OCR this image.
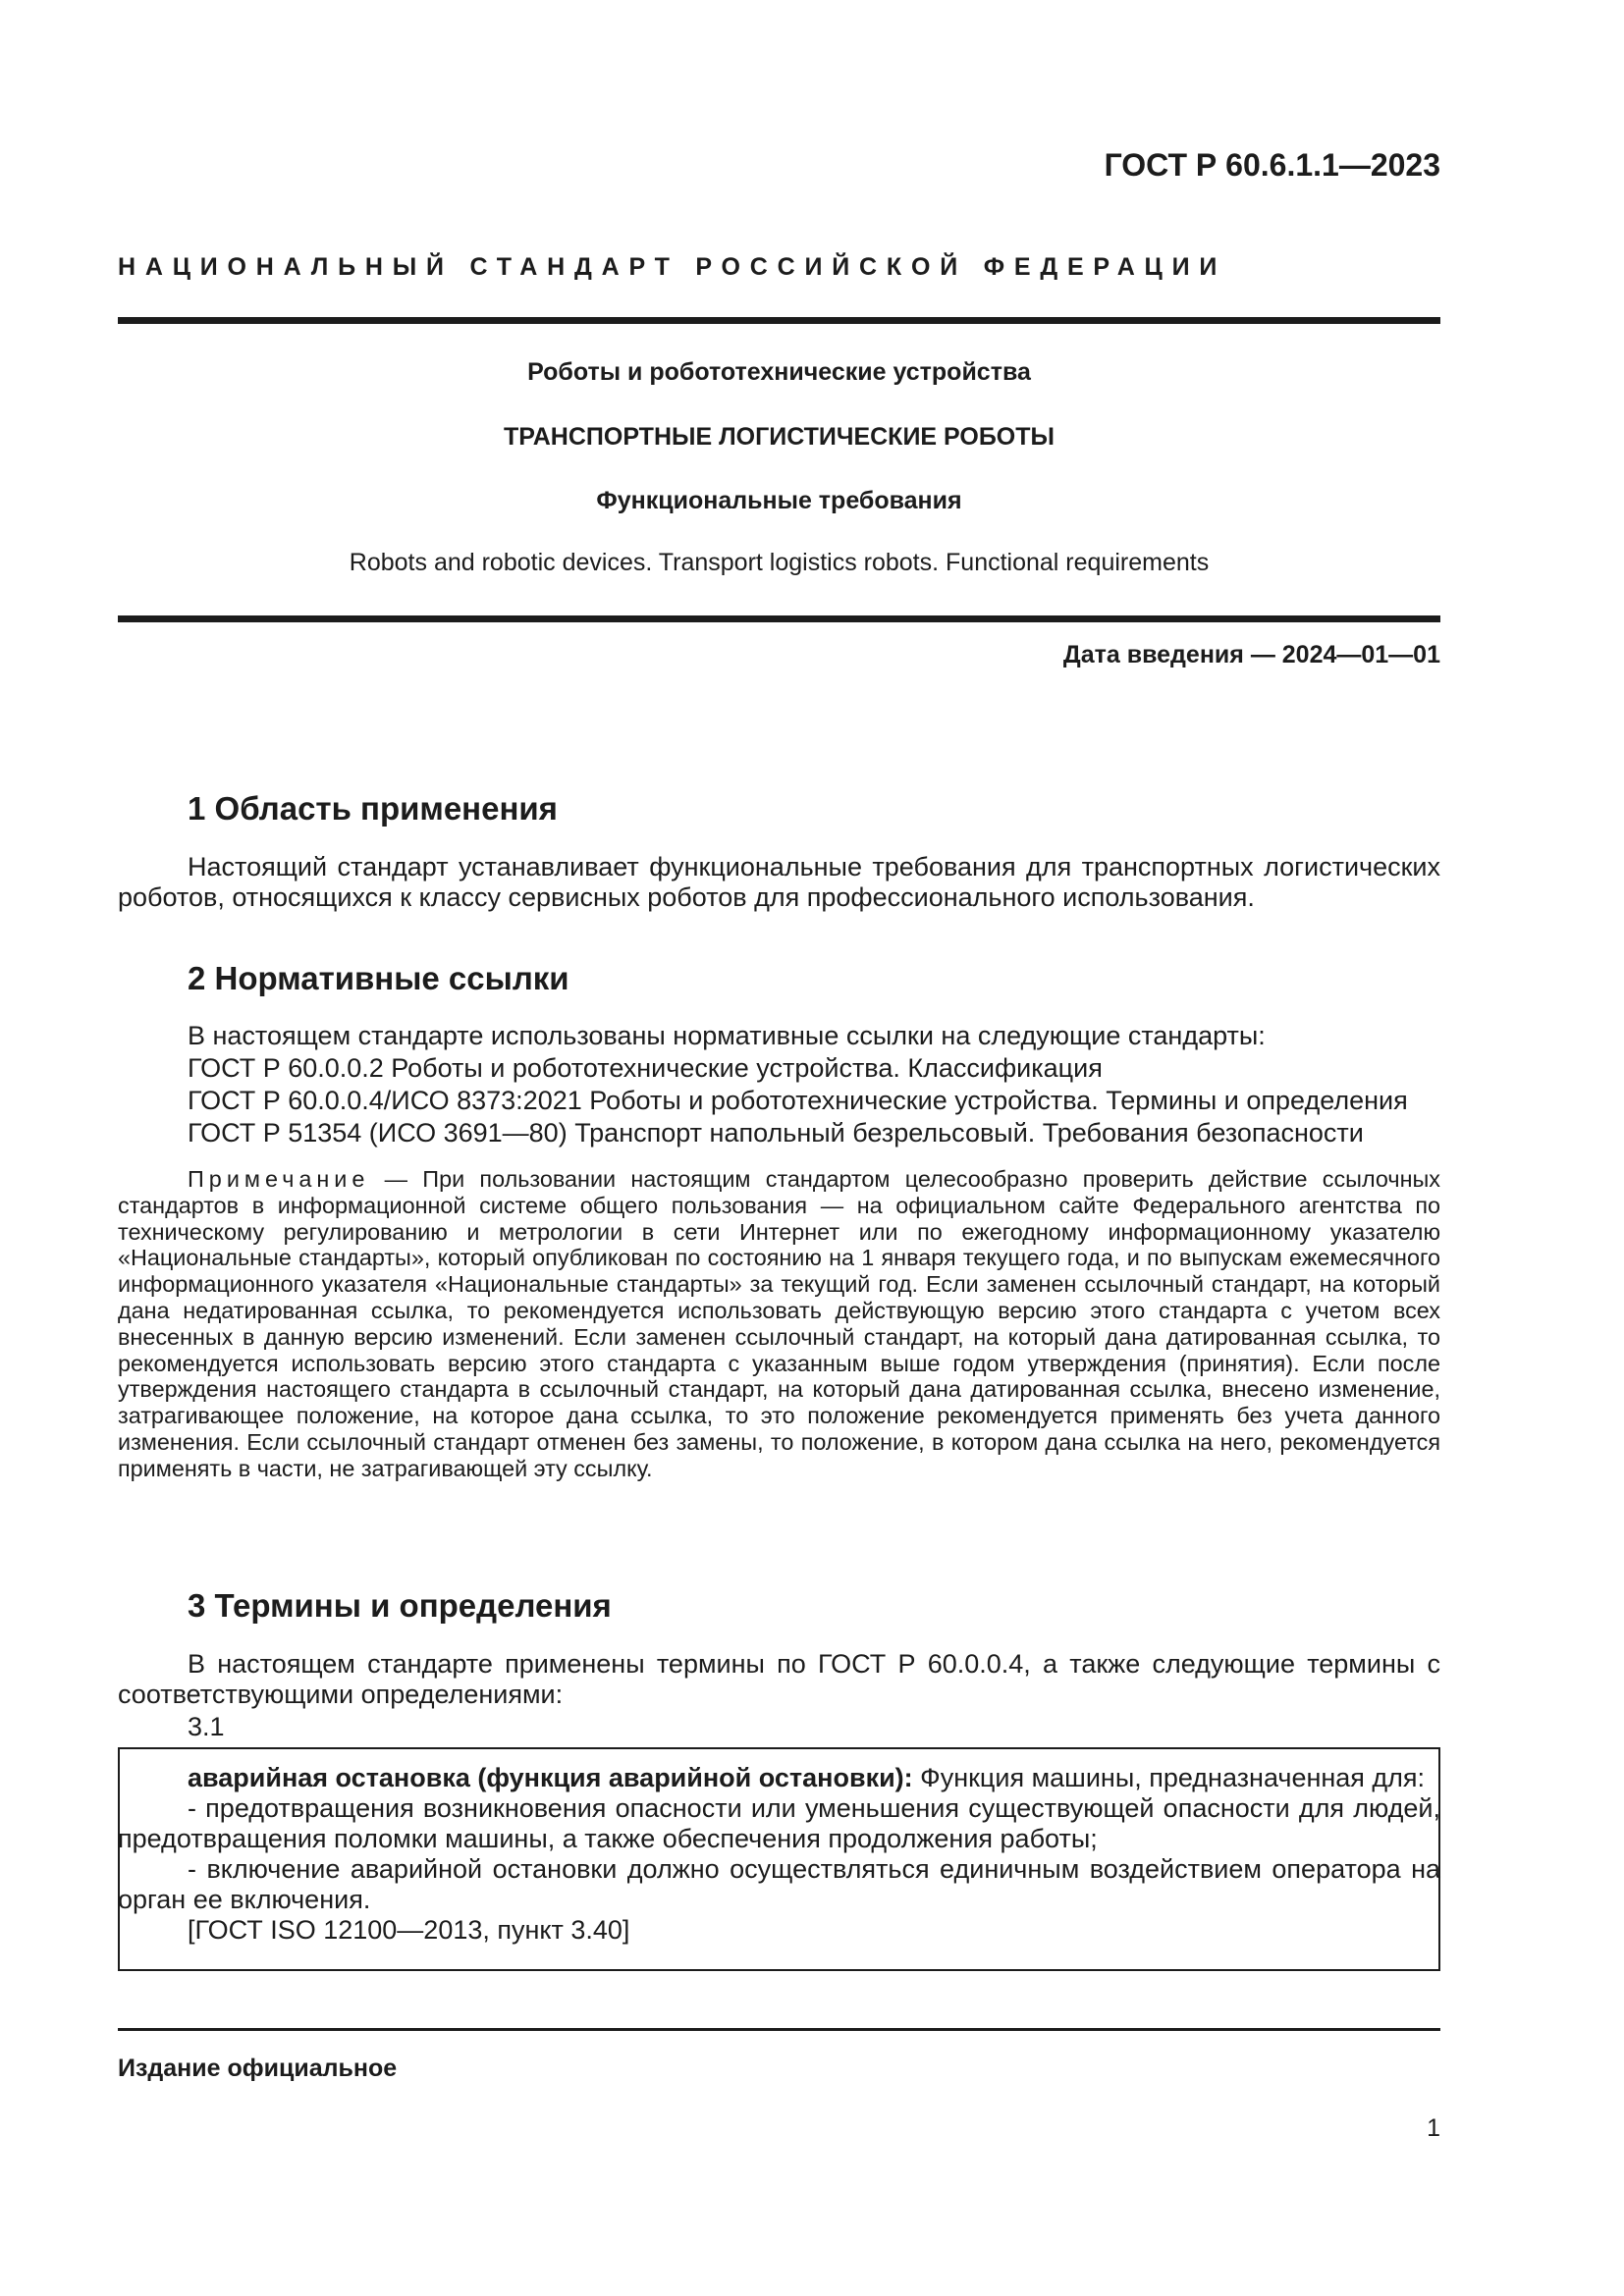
ГОСТ Р 60.6.1.1—2023
НАЦИОНАЛЬНЫЙ СТАНДАРТ РОССИЙСКОЙ ФЕДЕРАЦИИ
Роботы и робототехнические устройства
ТРАНСПОРТНЫЕ ЛОГИСТИЧЕСКИЕ РОБОТЫ
Функциональные требования
Robots and robotic devices. Transport logistics robots. Functional requirements
Дата введения — 2024—01—01
1 Область применения
Настоящий стандарт устанавливает функциональные требования для транспортных логистических роботов, относящихся к классу сервисных роботов для профессионального использования.
2 Нормативные ссылки
В настоящем стандарте использованы нормативные ссылки на следующие стандарты:
ГОСТ Р 60.0.0.2 Роботы и робототехнические устройства. Классификация
ГОСТ Р 60.0.0.4/ИСО 8373:2021 Роботы и робототехнические устройства. Термины и определения
ГОСТ Р 51354 (ИСО 3691—80) Транспорт напольный безрельсовый. Требования безопасности
Примечание — При пользовании настоящим стандартом целесообразно проверить действие ссылочных стандартов в информационной системе общего пользования — на официальном сайте Федерального агентства по техническому регулированию и метрологии в сети Интернет или по ежегодному информационному указателю «Национальные стандарты», который опубликован по состоянию на 1 января текущего года, и по выпускам ежемесячного информационного указателя «Национальные стандарты» за текущий год. Если заменен ссылочный стандарт, на который дана недатированная ссылка, то рекомендуется использовать действующую версию этого стандарта с учетом всех внесенных в данную версию изменений. Если заменен ссылочный стандарт, на который дана датированная ссылка, то рекомендуется использовать версию этого стандарта с указанным выше годом утверждения (принятия). Если после утверждения настоящего стандарта в ссылочный стандарт, на который дана датированная ссылка, внесено изменение, затрагивающее положение, на которое дана ссылка, то это положение рекомендуется применять без учета данного изменения. Если ссылочный стандарт отменен без замены, то положение, в котором дана ссылка на него, рекомендуется применять в части, не затрагивающей эту ссылку.
3 Термины и определения
В настоящем стандарте применены термины по ГОСТ Р 60.0.0.4, а также следующие термины с соответствующими определениями:
3.1

аварийная остановка (функция аварийной остановки): Функция машины, предназначенная для:

- предотвращения возникновения опасности или уменьшения существующей опасности для людей, предотвращения поломки машины, а также обеспечения продолжения работы;

- включение аварийной остановки должно осуществляться единичным воздействием оператора на орган ее включения.

[ГОСТ ISO 12100—2013, пункт 3.40]

Издание официальное
1
